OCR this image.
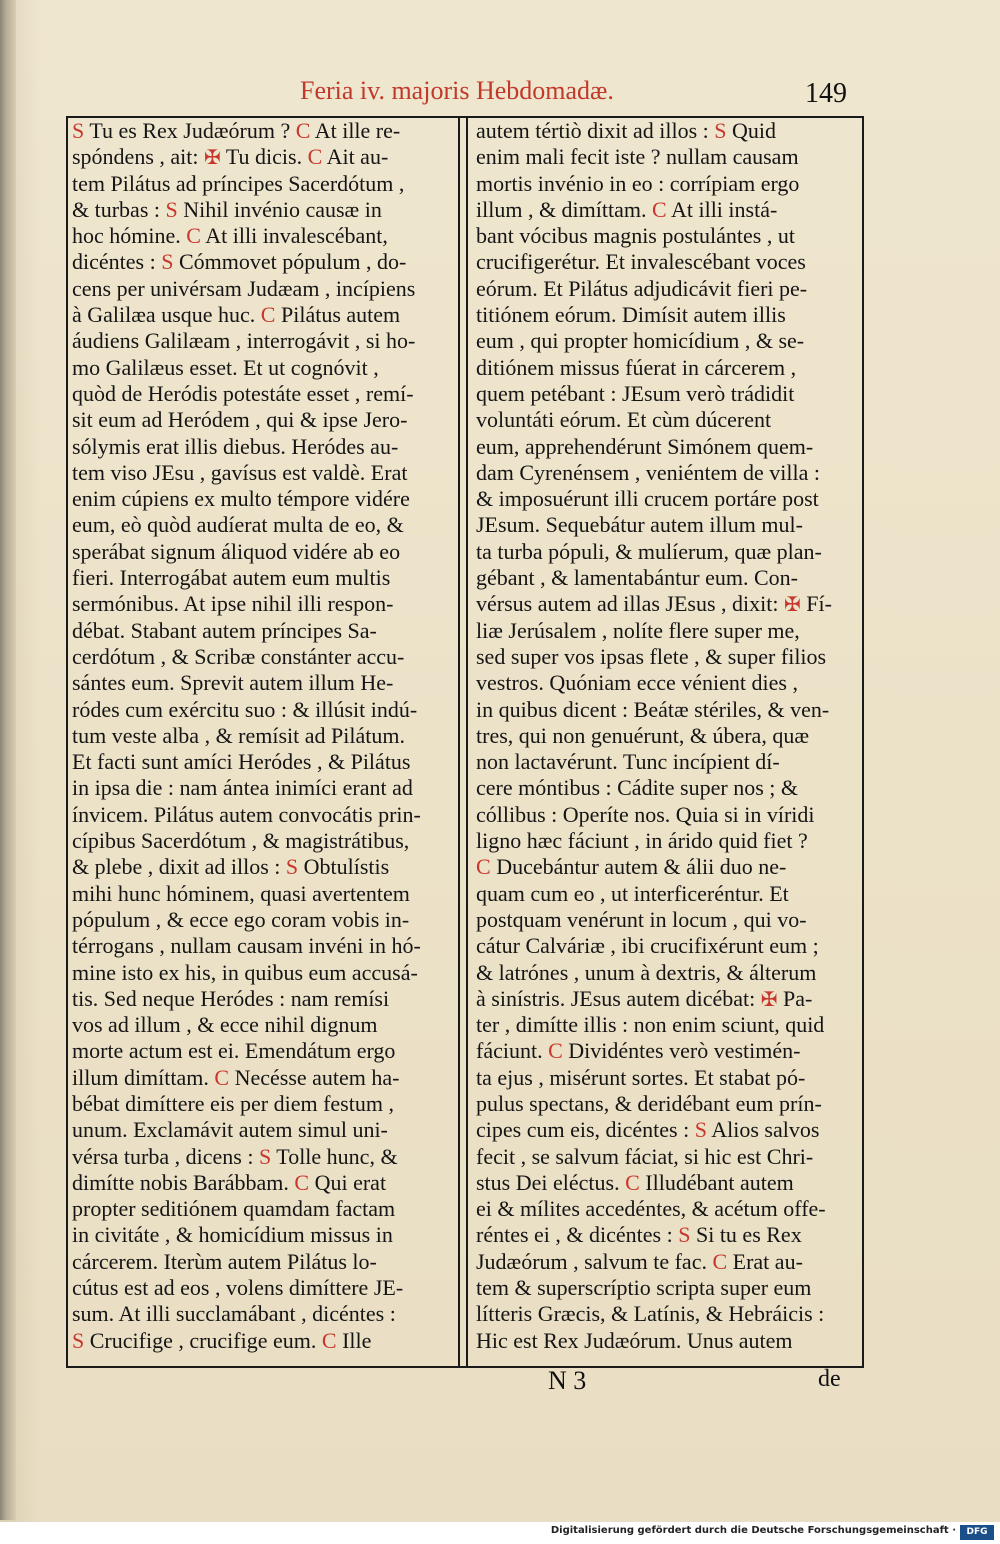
Feria iv. majoris Hebdomadæ.	149
S Tu es Rex Judæórum ? C At ille re-
spóndens , ait: ✠ Tu dicis. C Ait au-
tem Pilátus ad príncipes Sacerdótum ,
& turbas : S Nihil invénio causæ in
hoc hómine. C At illi invalescébant,
dicéntes : S Cómmovet pópulum , do-
cens per univérsam Judæam , incípiens
à Galilæa usque huc. C Pilátus autem
áudiens Galilæam , interrogávit , si ho-
mo Galilæus esset. Et ut cognóvit ,
quòd de Heródis potestáte esset , remí-
sit eum ad Heródem , qui & ipse Jero-
sólymis erat illis diebus. Heródes au-
tem viso JEsu , gavísus est valdè. Erat
enim cúpiens ex multo témpore vidére
eum, eò quòd audíerat multa de eo, &
sperábat signum áliquod vidére ab eo
fieri. Interrogábat autem eum multis
sermónibus. At ipse nihil illi respon-
débat. Stabant autem príncipes Sa-
cerdótum , & Scribæ constánter accu-
sántes eum. Sprevit autem illum He-
ródes cum exércitu suo : & illúsit indú-
tum veste alba , & remísit ad Pilátum.
Et facti sunt amíci Heródes , & Pilátus
in ipsa die : nam ántea inimíci erant ad
ínvicem. Pilátus autem convocátis prin-
cípibus Sacerdótum , & magistrátibus,
& plebe , dixit ad illos : S Obtulístis
mihi hunc hóminem, quasi avertentem
pópulum , & ecce ego coram vobis in-
térrogans , nullam causam invéni in hó-
mine isto ex his, in quibus eum accusá-
tis. Sed neque Heródes : nam remísi
vos ad illum , & ecce nihil dignum
morte actum est ei. Emendátum ergo
illum dimíttam. C Necésse autem ha-
bébat dimíttere eis per diem festum ,
unum. Exclamávit autem simul uni-
vérsa turba , dicens : S Tolle hunc, &
dimítte nobis Barábbam. C Qui erat
propter seditiónem quamdam factam
in civitáte , & homicídium missus in
cárcerem. Iterùm autem Pilátus lo-
cútus est ad eos , volens dimíttere JE-
sum. At illi succlamábant , dicéntes :
S Crucifige , crucifige eum. C Ille
autem tértiò dixit ad illos : S Quid
enim mali fecit iste ? nullam causam
mortis invénio in eo : corrípiam ergo
illum , & dimíttam. C At illi instá-
bant vócibus magnis postulántes , ut
crucifigerétur. Et invalescébant voces
eórum. Et Pilátus adjudicávit fieri pe-
titiónem eórum. Dimísit autem illis
eum , qui propter homicídium , & se-
ditiónem missus fúerat in cárcerem ,
quem petébant : JEsum verò trádidit
voluntáti eórum. Et cùm dúcerent
eum, apprehendérunt Simónem quem-
dam Cyrenénsem , veniéntem de villa :
& imposuérunt illi crucem portáre post
JEsum. Sequebátur autem illum mul-
ta turba pópuli, & mulíerum, quæ plan-
gébant , & lamentabántur eum. Con-
vérsus autem ad illas JEsus , dixit: ✠ Fí-
liæ Jerúsalem , nolíte flere super me,
sed super vos ipsas flete , & super filios
vestros. Quóniam ecce vénient dies ,
in quibus dicent : Beátæ stériles, & ven-
tres, qui non genuérunt, & úbera, quæ
non lactavérunt. Tunc incípient dí-
cere móntibus : Cádite super nos ; &
cóllibus : Operíte nos. Quia si in víridi
ligno hæc fáciunt , in árido quid fiet ?
C Ducebántur autem & álii duo ne-
quam cum eo , ut interficeréntur. Et
postquam venérunt in locum , qui vo-
cátur Calváriæ , ibi crucifixérunt eum ;
& latrónes , unum à dextris, & álterum
à sinístris. JEsus autem dicébat: ✠ Pa-
ter , dimítte illis : non enim sciunt, quid
fáciunt. C Dividéntes verò vestimén-
ta ejus , misérunt sortes. Et stabat pó-
pulus spectans, & deridébant eum prín-
cipes cum eis, dicéntes : S Alios salvos
fecit , se salvum fáciat, si hic est Chri-
stus Dei eléctus. C Illudébant autem
ei & mílites accedéntes, & acétum offe-
réntes ei , & dicéntes : S Si tu es Rex
Judæórum , salvum te fac. C Erat au-
tem & superscríptio scripta super eum
lítteris Græcis, & Latínis, & Hebráicis :
Hic est Rex Judæórum. Unus autem
N 3	de
Digitalisierung gefördert durch die Deutsche Forschungsgemeinschaft ·	DFG
